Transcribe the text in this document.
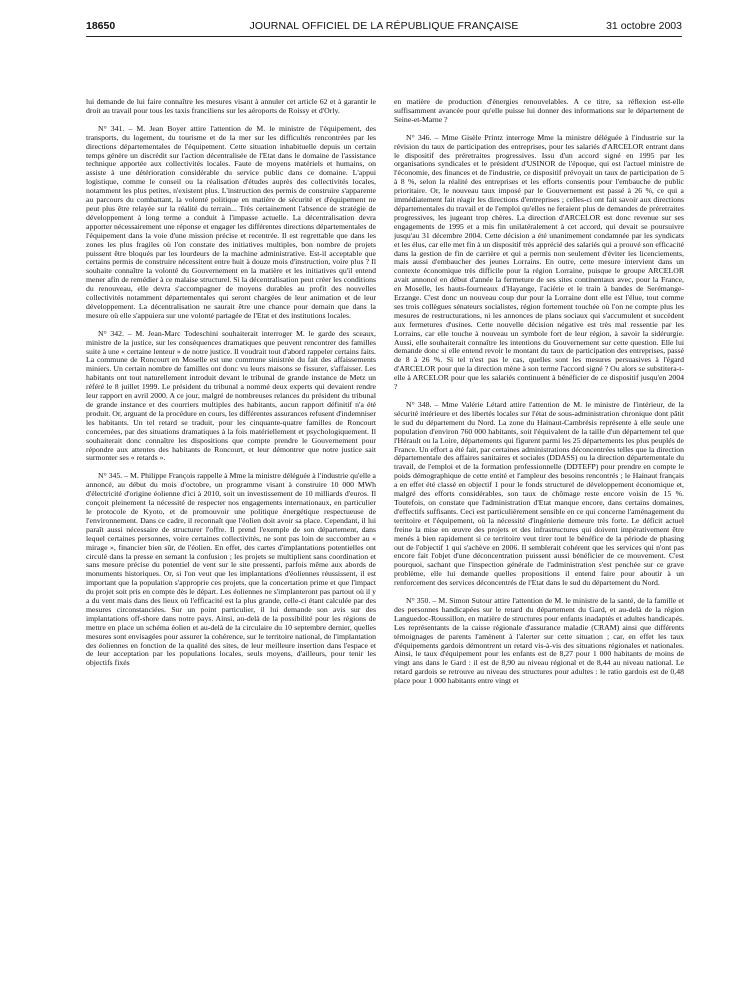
18650	JOURNAL OFFICIEL DE LA RÉPUBLIQUE FRANÇAISE	31 octobre 2003

lui demande de lui faire connaître les mesures visant à annuler cet article 62 et à garantir le droit au travail pour tous les taxis franciliens sur les aéroports de Roissy et d'Orly.

N° 341. – M. Jean Boyer attire l'attention de M. le ministre de l'équipement, des transports, du logement, du tourisme et de la mer sur les difficultés rencontrées par les directions départementales de l'équipement. Cette situation inhabituelle depuis un certain temps génère un discrédit sur l'action décentralisée de l'Etat dans le domaine de l'assistance technique apportée aux collectivités locales. Faute de moyens matériels et humains, on assiste à une détérioration considérable du service public dans ce domaine. L'appui logistique, comme le conseil ou la réalisation d'études auprès des collectivités locales, notamment les plus petites, n'existent plus. L'instruction des permis de construire s'apparente au parcours du combattant, la volonté politique en matière de sécurité et d'équipement ne peut plus être relayée sur la réalité du terrain... Très certainement l'absence de stratégie de développement à long terme a conduit à l'impasse actuelle. La décentralisation devra apporter nécessairement une réponse et engager les différentes directions départementales de l'équipement dans la voie d'une mission précise et recentrée. Il est regrettable que dans les zones les plus fragiles où l'on constate des initiatives multiples, bon nombre de projets puissent être bloqués par les lourdeurs de la machine administrative. Est-il acceptable que certains permis de construire nécessitent entre huit à douze mois d'instruction, voire plus ? Il souhaite connaître la volonté du Gouvernement en la matière et les initiatives qu'il entend mener afin de remédier à ce malaise structurel. Si la décentralisation peut créer les conditions du renouveau, elle devra s'accompagner de moyens durables au profit des nouvelles collectivités notamment départementales qui seront chargées de leur animation et de leur développement. La décentralisation ne saurait être une chance pour demain que dans la mesure où elle s'appuiera sur une volonté partagée de l'Etat et des institutions locales.

N° 342. – M. Jean-Marc Todeschini souhaiterait interroger M. le garde des sceaux, ministre de la justice, sur les conséquences dramatiques que peuvent rencontrer des familles suite à une « certaine lenteur » de notre justice. Il voudrait tout d'abord rappeler certains faits. La commune de Roncourt en Moselle est une commune sinistrée du fait des affaissements miniers. Un certain nombre de familles ont donc vu leurs maisons se fissurer, s'affaisser. Les habitants ont tout naturellement introduit devant le tribunal de grande instance de Metz un référé le 8 juillet 1999. Le président du tribunal a nommé deux experts qui devaient rendre leur rapport en avril 2000. A ce jour, malgré de nombreuses relances du président du tribunal de grande instance et des courriers multiples des habitants, aucun rapport définitif n'a été produit. Or, arguant de la procédure en cours, les différentes assurances refusent d'indemniser les habitants. Un tel retard se traduit, pour les cinquante-quatre familles de Roncourt concernées, par des situations dramatiques à la fois matériellement et psychologiquement. Il souhaiterait donc connaître les dispositions que compte prendre le Gouvernement pour répondre aux attentes des habitants de Roncourt, et leur démontrer que notre justice sait surmonter ses « retards ».

N° 345. – M. Philippe François rappelle à Mme la ministre déléguée à l'industrie qu'elle a annoncé, au début du mois d'octobre, un programme visant à construire 10 000 MWh d'électricité d'origine éolienne d'ici à 2010, soit un investissement de 10 milliards d'euros. Il conçoit pleinement la nécessité de respecter nos engagements internationaux, en particulier le protocole de Kyoto, et de promouvoir une politique énergétique respectueuse de l'environnement. Dans ce cadre, il reconnaît que l'éolien doit avoir sa place. Cependant, il lui paraît aussi nécessaire de structurer l'offre. Il prend l'exemple de son département, dans lequel certaines personnes, voire certaines collectivités, ne sont pas loin de succomber au « mirage », financier bien sûr, de l'éolien. En effet, des cartes d'implantations potentielles ont circulé dans la presse en semant la confusion ; les projets se multiplient sans coordination et sans mesure précise du potentiel de vent sur le site pressenti, parfois même aux abords de monuments historiques. Or, si l'on veut que les implantations d'éoliennes réussissent, il est important que la population s'approprie ces projets, que la concertation prime et que l'impact du projet soit pris en compte dès le départ. Les éoliennes ne s'implanteront pas partout où il y a du vent mais dans des lieux où l'efficacité est la plus grande, celle-ci étant calculée par des mesures circonstanciées. Sur un point particulier, il lui demande son avis sur des implantations off-shore dans notre pays. Ainsi, au-delà de la possibilité pour les régions de mettre en place un schéma éolien et au-delà de la circulaire du 10 septembre dernier, quelles mesures sont envisagées pour assurer la cohérence, sur le territoire national, de l'implantation des éoliennes en fonction de la qualité des sites, de leur meilleure insertion dans l'espace et de leur acceptation par les populations locales, seuls moyens, d'ailleurs, pour tenir les objectifs fixés

en matière de production d'énergies renouvelables. A ce titre, sa réflexion est-elle suffisamment avancée pour qu'elle puisse lui donner des informations sur le département de Seine-et-Marne ?

N° 346. – Mme Gisèle Printz interroge Mme la ministre déléguée à l'industrie sur la révision du taux de participation des entreprises, pour les salariés d'ARCELOR entrant dans le dispositif des préretraites progressives. Issu d'un accord signé en 1995 par les organisations syndicales et le président d'USINOR de l'époque, qui est l'actuel ministre de l'économie, des finances et de l'industrie, ce dispositif prévoyait un taux de participation de 5 à 8 %, selon la réalité des entreprises et les efforts consentis pour l'embauche de public prioritaire. Or, le nouveau taux imposé par le Gouvernement est passé à 26 %, ce qui a immédiatement fait réagir les directions d'entreprises ; celles-ci ont fait savoir aux directions départementales du travail et de l'emploi qu'elles ne feraient plus de demandes de préretraites progressives, les jugeant trop chères. La direction d'ARCELOR est donc revenue sur ses engagements de 1995 et a mis fin unilatéralement à cet accord, qui devait se poursuivre jusqu'au 31 décembre 2004. Cette décision a été unanimement condamnée par les syndicats et les élus, car elle met fin à un dispositif très apprécié des salariés qui a prouvé son efficacité dans la gestion de fin de carrière et qui a permis non seulement d'éviter les licenciements, mais aussi d'embaucher des jeunes Lorrains. En outre, cette mesure intervient dans un contexte économique très difficile pour la région Lorraine, puisque le groupe ARCELOR avait annoncé en début d'année la fermeture de ses sites continentaux avec, pour la France, en Moselle, les hauts-fourneaux d'Hayange, l'aciérie et le train à bandes de Serémange-Erzange. C'est donc un nouveau coup dur pour la Lorraine dont elle est l'élue, tout comme ses trois collègues sénateurs socialistes, région fortement touchée où l'on ne compte plus les mesures de restructurations, ni les annonces de plans sociaux qui s'accumulent et succèdent aux fermetures d'usines. Cette nouvelle décision négative est très mal ressentie par les Lorrains, car elle touche à nouveau un symbole fort de leur région, à savoir la sidérurgie. Aussi, elle souhaiterait connaître les intentions du Gouvernement sur cette question. Elle lui demande donc si elle entend revoir le montant du taux de participation des entreprises, passé de 8 à 26 %. Si tel n'est pas le cas, quelles sont les mesures persuasives à l'égard d'ARCELOR pour que la direction mène à son terme l'accord signé ? Ou alors se substitera-t-elle à ARCELOR pour que les salariés continuent à bénéficier de ce dispositif jusqu'en 2004 ?

N° 348. – Mme Valérie Létard attire l'attention de M. le ministre de l'intérieur, de la sécurité intérieure et des libertés locales sur l'état de sous-administration chronique dont pâtit le sud du département du Nord. La zone du Hainaut-Cambrésis représente à elle seule une population d'environ 760 000 habitants, soit l'équivalent de la taille d'un département tel que l'Hérault ou la Loire, départements qui figurent parmi les 25 départements les plus peuplés de France. Un effort a été fait, par certaines administrations déconcentrées telles que la direction départementale des affaires sanitaires et sociales (DDASS) ou la direction départementale du travail, de l'emploi et de la formation professionnelle (DDTEFP) pour prendre en compte le poids démographique de cette entité et l'ampleur des besoins rencontrés ; le Hainaut français a en effet été classé en objectif 1 pour le fonds structurel de développement économique et, malgré des efforts considérables, son taux de chômage reste encore voisin de 15 %. Toutefois, on constate que l'administration d'Etat manque encore, dans certains domaines, d'effectifs suffisants. Ceci est particulièrement sensible en ce qui concerne l'aménagement du territoire et l'équipement, où la nécessité d'ingénierie demeure très forte. Le déficit actuel freine la mise en œuvre des projets et des infrastructures qui doivent impérativement être menés à bien rapidement si ce territoire veut tirer tout le bénéfice de la période de phasing out de l'objectif 1 qui s'achève en 2006. Il semblerait cohérent que les services qui n'ont pas encore fait l'objet d'une déconcentration puissent aussi bénéficier de ce mouvement. C'est pourquoi, sachant que l'inspection générale de l'administration s'est penchée sur ce grave problème, elle lui demande quelles propositions il entend faire pour aboutir à un renforcement des services déconcentrés de l'Etat dans le sud du département du Nord.

N° 350. – M. Simon Sutour attire l'attention de M. le ministre de la santé, de la famille et des personnes handicapées sur le retard du département du Gard, et au-delà de la région Languedoc-Roussillon, en matière de structures pour enfants inadaptés et adultes handicapés. Les représentants de la caisse régionale d'assurance maladie (CRAM) ainsi que différents témoignages de parents l'amènent à l'alerter sur cette situation ; car, en effet les taux d'équipements gardois démontrent un retard vis-à-vis des situations régionales et nationales. Ainsi, le taux d'équipement pour les enfants est de 8,27 pour 1 000 habitants de moins de vingt ans dans le Gard : il est de 8,90 au niveau régional et de 8,44 au niveau national. Le retard gardois se retrouve au niveau des structures pour adultes : le ratio gardois est de 0,48 place pour 1 000 habitants entre vingt et
